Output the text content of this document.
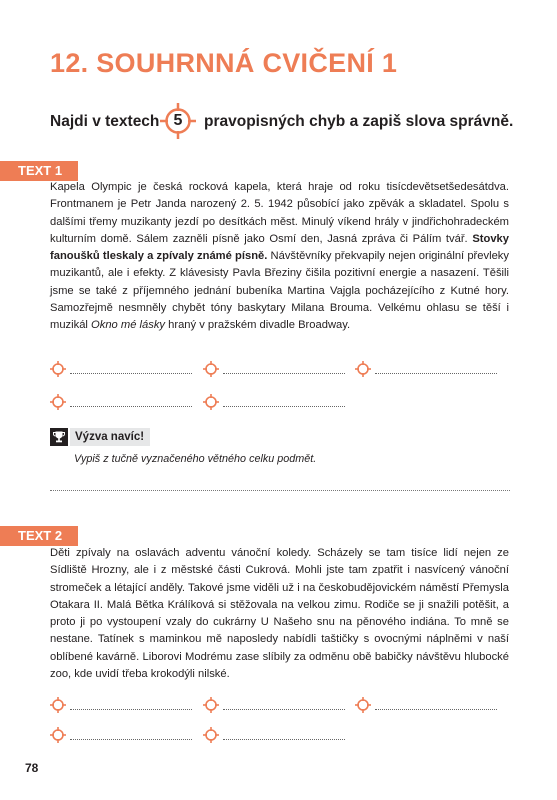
12. SOUHRNNÁ CVIČENÍ 1
Najdi v textech 5	pravopisných chyb a zapiš slova správně.
TEXT 1
Kapela Olympic je česká rocková kapela, která hraje od roku tisícdevětsetšedesátdva. Frontmanem je Petr Janda narozený 2. 5. 1942 působící jako zpěvák a skladatel. Spolu s dalšími třemy muzikanty jezdí po desítkách měst. Minulý víkend hrály v jindřichohradeckém kulturním domě. Sálem zazněli písně jako Osmí den, Jasná zpráva či Pálím tvář. Stovky fanoušků tleskaly a zpívaly známé písně. Návštěvníky překvapily nejen originální převleky muzikantů, ale i efekty. Z klávesisty Pavla Březiny čišila pozitivní energie a nasazení. Těšili jsme se také z příjemného jednání bubeníka Martina Vajgla pocházejícího z Kutné hory. Samozřejmě nesmněly chybět tóny baskytary Milana Brouma. Velkému ohlasu se těší i muzikál Okno mé lásky hraný v pražském divadle Broadway.
Výzva navíc!
Vypiš z tučně vyznačeného větného celku podmět.
TEXT 2
Děti zpívaly na oslavách adventu vánoční koledy. Scházely se tam tisíce lidí nejen ze Sídliště Hrozny, ale i z městské části Cukrová. Mohli jste tam zpatřit i nasvícený vánoční stromeček a létající anděly. Takové jsme viděli už i na českobudějovickém náměstí Přemysla Otakara II. Malá Bětka Králíková si stěžovala na velkou zimu. Rodiče se ji snažili potěšit, a proto ji po vystoupení vzaly do cukrárny U Našeho snu na pěnového indiána. To mně se nestane. Tatínek s maminkou mě naposledy nabídli taštičky s ovocnými náplněmi v naší oblíbené kavárně. Liborovi Modrému zase slíbily za odměnu obě babičky návštěvu hlubocké zoo, kde uvidí třeba krokodýli nilské.
78
